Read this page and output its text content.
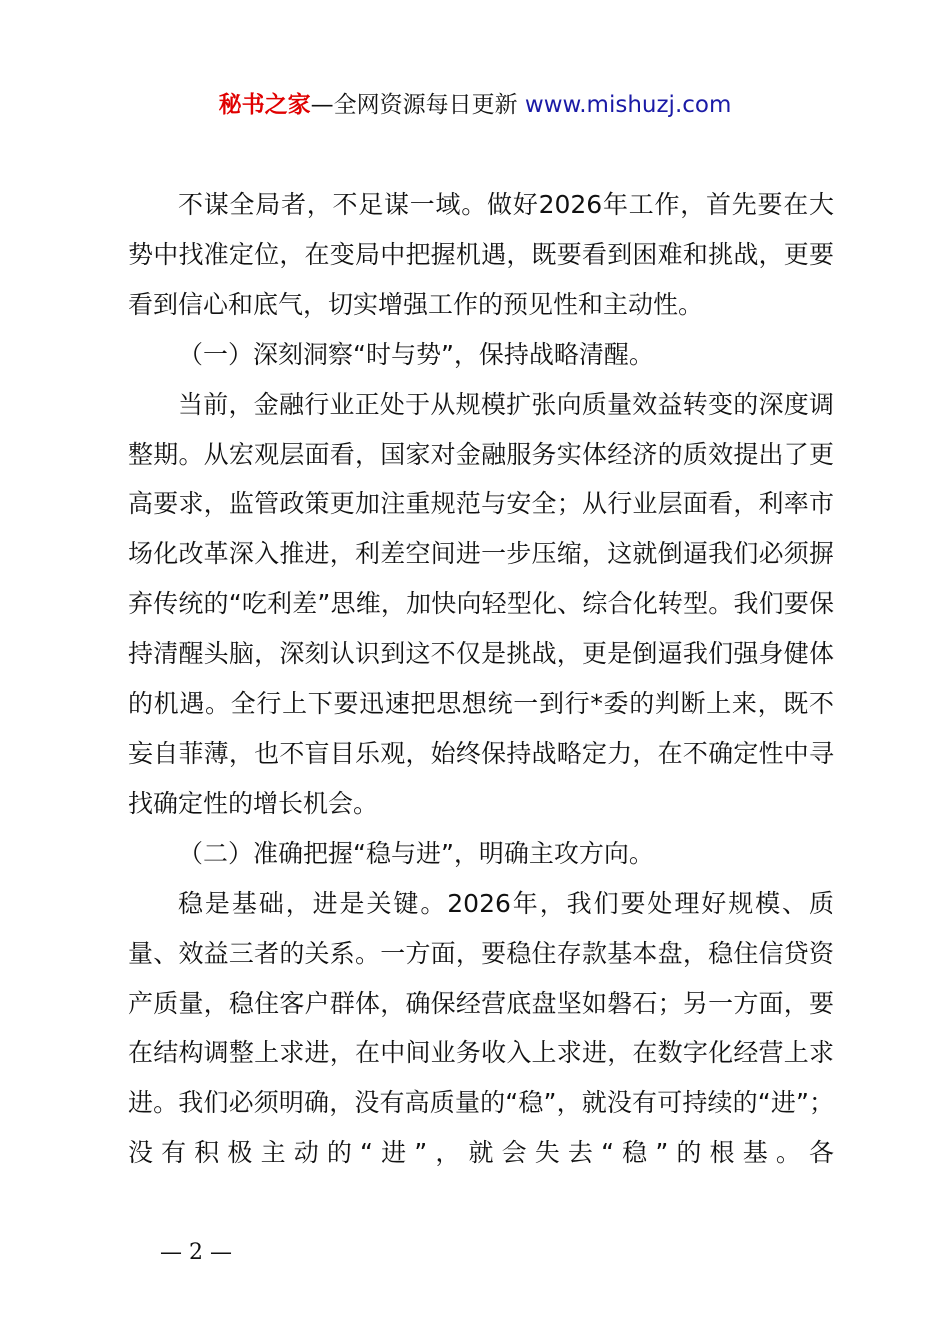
秘书之家—全网资源每日更新 www.mishuzj.com

不谋全局者，不足谋一域。做好2026年工作，首先要在大势中找准定位，在变局中把握机遇，既要看到困难和挑战，更要看到信心和底气，切实增强工作的预见性和主动性。

（一）深刻洞察“时与势”，保持战略清醒。

当前，金融行业正处于从规模扩张向质量效益转变的深度调整期。从宏观层面看，国家对金融服务实体经济的质效提出了更高要求，监管政策更加注重规范与安全；从行业层面看，利率市场化改革深入推进，利差空间进一步压缩，这就倒逼我们必须摒弃传统的“吃利差”思维，加快向轻型化、综合化转型。我们要保持清醒头脑，深刻认识到这不仅是挑战，更是倒逼我们强身健体的机遇。全行上下要迅速把思想统一到行*委的判断上来，既不妄自菲薄，也不盲目乐观，始终保持战略定力，在不确定性中寻找确定性的增长机会。

（二）准确把握“稳与进”，明确主攻方向。

稳是基础，进是关键。2026年，我们要处理好规模、质量、效益三者的关系。一方面，要稳住存款基本盘，稳住信贷资产质量，稳住客户群体，确保经营底盘坚如磐石；另一方面，要在结构调整上求进，在中间业务收入上求进，在数字化经营上求进。我们必须明确，没有高质量的“稳”，就没有可持续的“进”；没有积极主动的“进”，就会失去“稳”的根基。各

— 2 —
